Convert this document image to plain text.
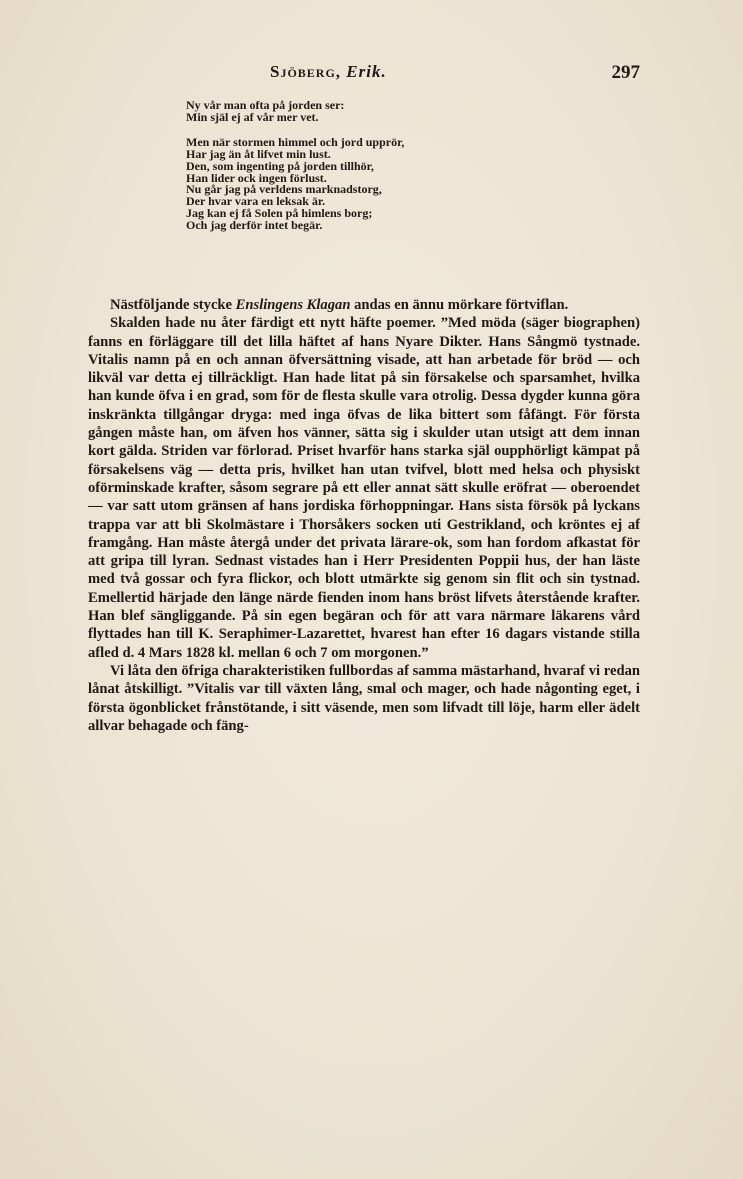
Sjöberg, Erik.	297
Ny vår man ofta på jorden ser:
Min själ ej af vår mer vet.
Men när stormen himmel och jord upprör,
Har jag än åt lifvet min lust.
Den, som ingenting på jorden tillhör,
Han lider ock ingen förlust.
Nu går jag på verldens marknadstorg,
Der hvar vara en leksak är.
Jag kan ej få Solen på himlens borg;
Och jag derför intet begär.

Nästföljande stycke Enslingens Klagan andas en ännu mörkare förtviflan.

Skalden hade nu åter färdigt ett nytt häfte poemer. ”Med möda (säger biographen) fanns en förläggare till det lilla häftet af hans Nyare Dikter. Hans Sångmö tystnade. Vitalis namn på en och annan öfversättning visade, att han arbetade för bröd — och likväl var detta ej tillräckligt. Han hade litat på sin försakelse och sparsamhet, hvilka han kunde öfva i en grad, som för de flesta skulle vara otrolig. Dessa dygder kunna göra inskränkta tillgångar dryga: med inga öfvas de lika bittert som fåfängt. För första gången måste han, om äfven hos vänner, sätta sig i skulder utan utsigt att dem innan kort gälda. Striden var förlorad. Priset hvarför hans starka själ oupphörligt kämpat på försakelsens väg — detta pris, hvilket han utan tvifvel, blott med helsa och physiskt oförminskade krafter, såsom segrare på ett eller annat sätt skulle eröfrat — oberoendet — var satt utom gränsen af hans jordiska förhoppningar. Hans sista försök på lyckans trappa var att bli Skolmästare i Thorsåkers socken uti Gestrikland, och kröntes ej af framgång. Han måste återgå under det privata lärare-ok, som han fordom afkastat för att gripa till lyran. Sednast vistades han i Herr Presidenten Poppii hus, der han läste med två gossar och fyra flickor, och blott utmärkte sig genom sin flit och sin tystnad. Emellertid härjade den länge närde fienden inom hans bröst lifvets återstående krafter. Han blef sängliggande. På sin egen begäran och för att vara närmare läkarens vård flyttades han till K. Seraphimer-Lazarettet, hvarest han efter 16 dagars vistande stilla afled d. 4 Mars 1828 kl. mellan 6 och 7 om morgonen.”

Vi låta den öfriga charakteristiken fullbordas af samma mästarhand, hvaraf vi redan lånat åtskilligt. ”Vitalis var till växten lång, smal och mager, och hade någonting eget, i första ögonblicket frånstötande, i sitt väsende, men som lifvadt till löje, harm eller ädelt allvar behagade och fäng-
